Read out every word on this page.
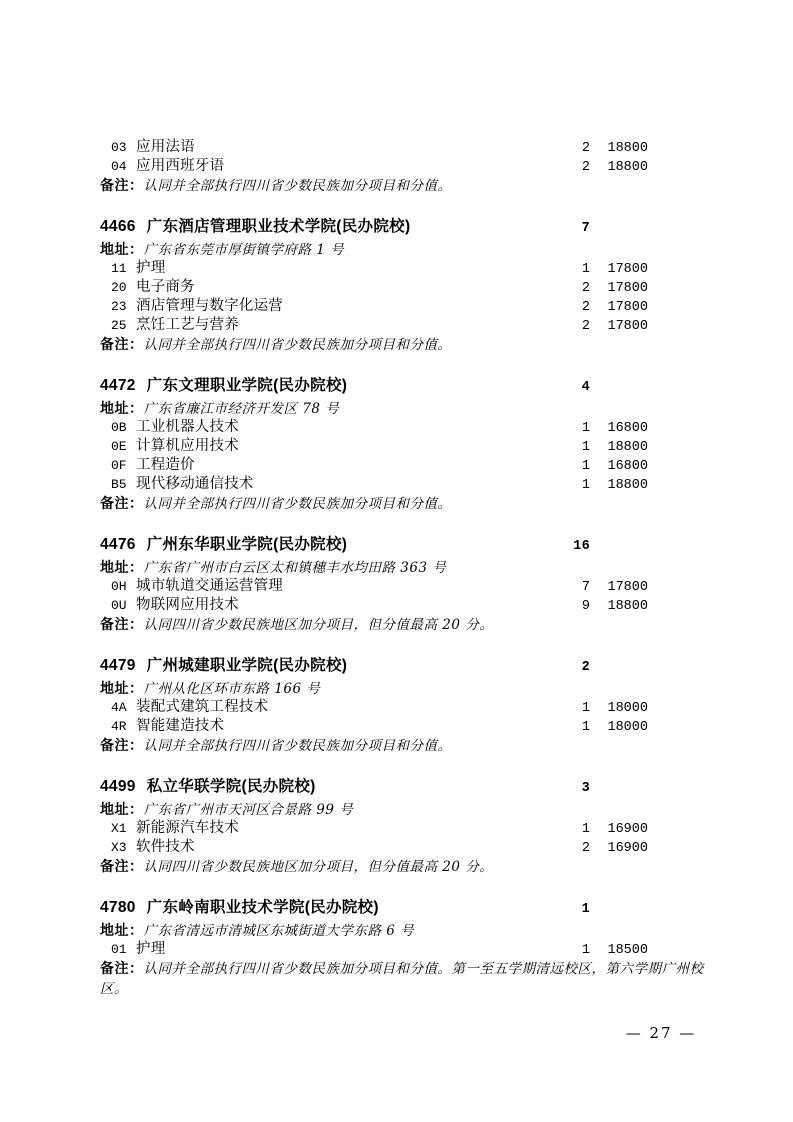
03 应用法语	2	18800
04 应用西班牙语	2	18800
备注：认同并全部执行四川省少数民族加分项目和分值。
4466 广东酒店管理职业技术学院(民办院校)	7
地址：广东省东莞市厚街镇学府路 1 号
11 护理	1	17800
20 电子商务	2	17800
23 酒店管理与数字化运营	2	17800
25 烹饪工艺与营养	2	17800
备注：认同并全部执行四川省少数民族加分项目和分值。
4472 广东文理职业学院(民办院校)	4
地址：广东省廉江市经济开发区 78 号
0B 工业机器人技术	1	16800
0E 计算机应用技术	1	18800
0F 工程造价	1	16800
B5 现代移动通信技术	1	18800
备注：认同并全部执行四川省少数民族加分项目和分值。
4476 广州东华职业学院(民办院校)	16
地址：广东省广州市白云区太和镇穗丰水均田路 363 号
0H 城市轨道交通运营管理	7	17800
0U 物联网应用技术	9	18800
备注：认同四川省少数民族地区加分项目，但分值最高 20 分。
4479 广州城建职业学院(民办院校)	2
地址：广州从化区环市东路 166 号
4A 装配式建筑工程技术	1	18000
4R 智能建造技术	1	18000
备注：认同并全部执行四川省少数民族加分项目和分值。
4499 私立华联学院(民办院校)	3
地址：广东省广州市天河区合景路 99 号
X1 新能源汽车技术	1	16900
X3 软件技术	2	16900
备注：认同四川省少数民族地区加分项目，但分值最高 20 分。
4780 广东岭南职业技术学院(民办院校)	1
地址：广东省清远市清城区东城街道大学东路 6 号
01 护理	1	18500
备注：认同并全部执行四川省少数民族加分项目和分值。第一至五学期清远校区，第六学期广州校区。
— 27 —
